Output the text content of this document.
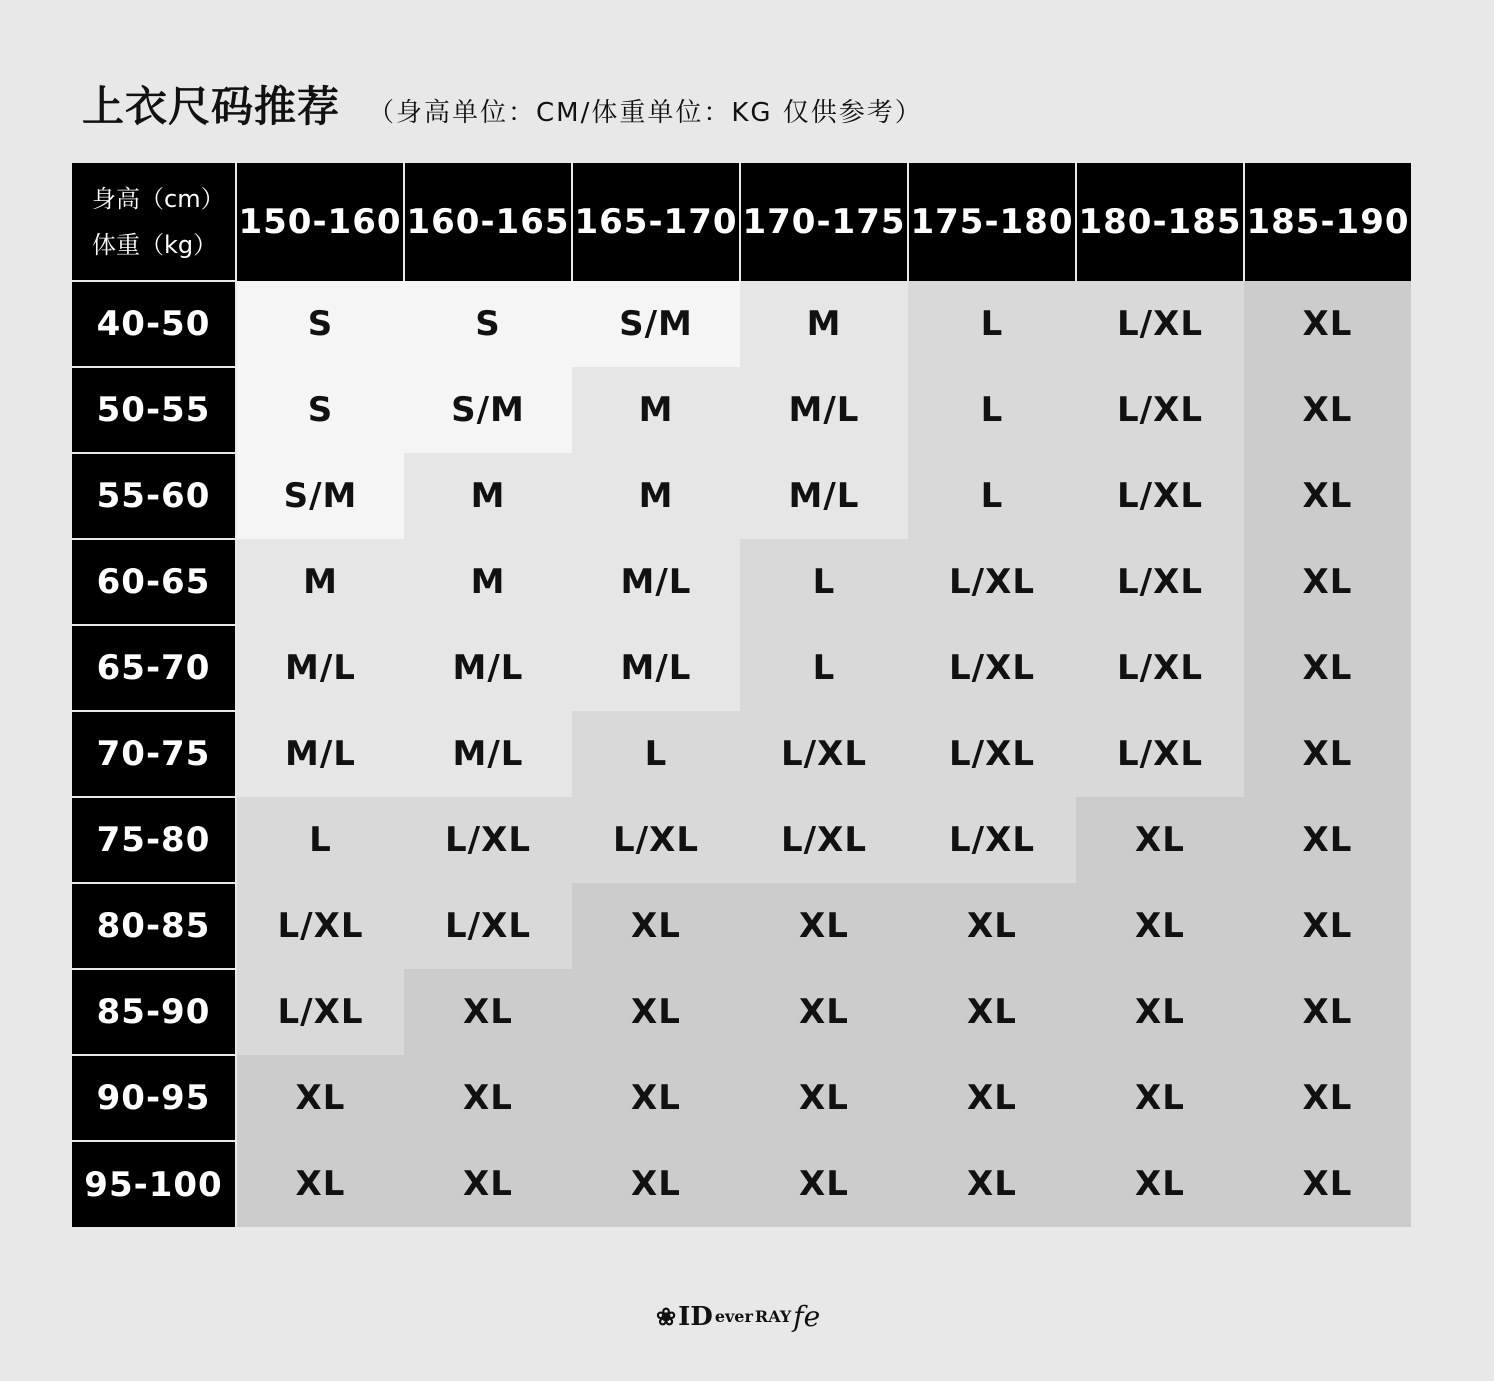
上衣尺码推荐 （身高单位：CM/体重单位：KG 仅供参考）
身高（cm）
体重（kg）	150-160	160-165	165-170	170-175	175-180	180-185	185-190
40-50	S	S	S/M	M	L	L/XL	XL
50-55	S	S/M	M	M/L	L	L/XL	XL
55-60	S/M	M	M	M/L	L	L/XL	XL
60-65	M	M	M/L	L	L/XL	L/XL	XL
65-70	M/L	M/L	M/L	L	L/XL	L/XL	XL
70-75	M/L	M/L	L	L/XL	L/XL	L/XL	XL
75-80	L	L/XL	L/XL	L/XL	L/XL	XL	XL
80-85	L/XL	L/XL	XL	XL	XL	XL	XL
85-90	L/XL	XL	XL	XL	XL	XL	XL
90-95	XL	XL	XL	XL	XL	XL	XL
95-100	XL	XL	XL	XL	XL	XL	XL
❀ ID ever RAY fe
